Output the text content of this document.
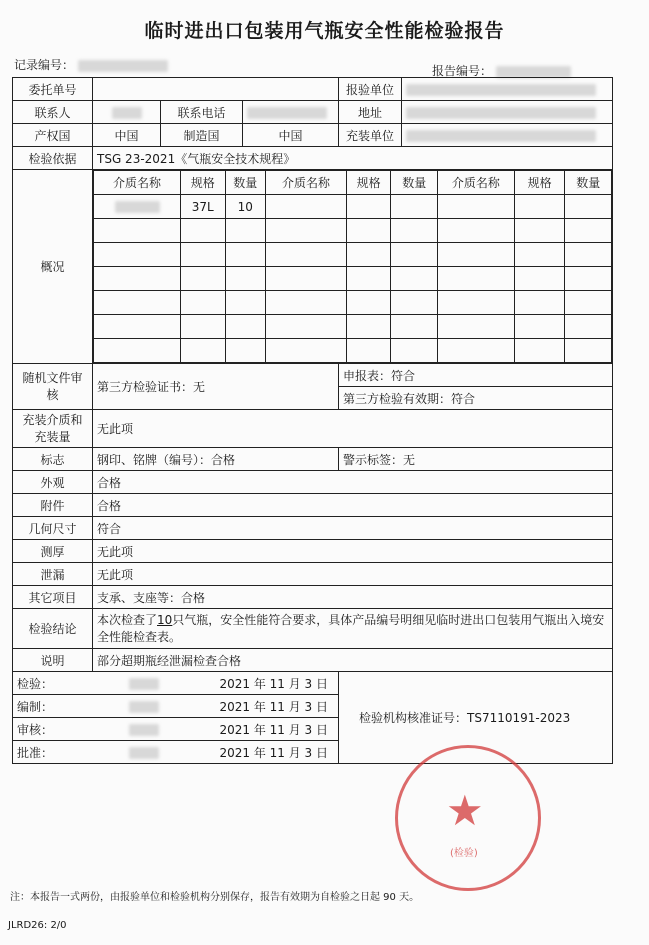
临时进出口包装用气瓶安全性能检验报告
记录编号：	报告编号：
委托单号		报验单位	
联系人		联系电话		地址	
产权国	中国	制造国	中国	充装单位	
检验依据	TSG 23-2021《气瓶安全技术规程》
概况	
介质名称	规格	数量	介质名称	规格	数量	介质名称	规格	数量
	37L	10						

随机文件审核	第三方检验证书：无	申报表：符合
第三方检验有效期：符合
充装介质和充装量	无此项
标志	钢印、铭牌（编号）：合格	警示标签：无
外观	合格
附件	合格
几何尺寸	符合
测厚	无此项
泄漏	无此项
其它项目	支承、支座等：合格
检验结论	本次检查了10只气瓶，安全性能符合要求，具体产品编号明细见临时进出口包装用气瓶出入境安全性能检查表。
说明	部分超期瓶经泄漏检查合格
检验：	2021 年 11 月 3 日	检验机构核准证号：TS7110191-2023
编制：	2021 年 11 月 3 日
审核：	2021 年 11 月 3 日
批准：	2021 年 11 月 3 日
★
(检验)
注：本报告一式两份，由报验单位和检验机构分别保存，报告有效期为自检验之日起 90 天。
JLRD26: 2/0
